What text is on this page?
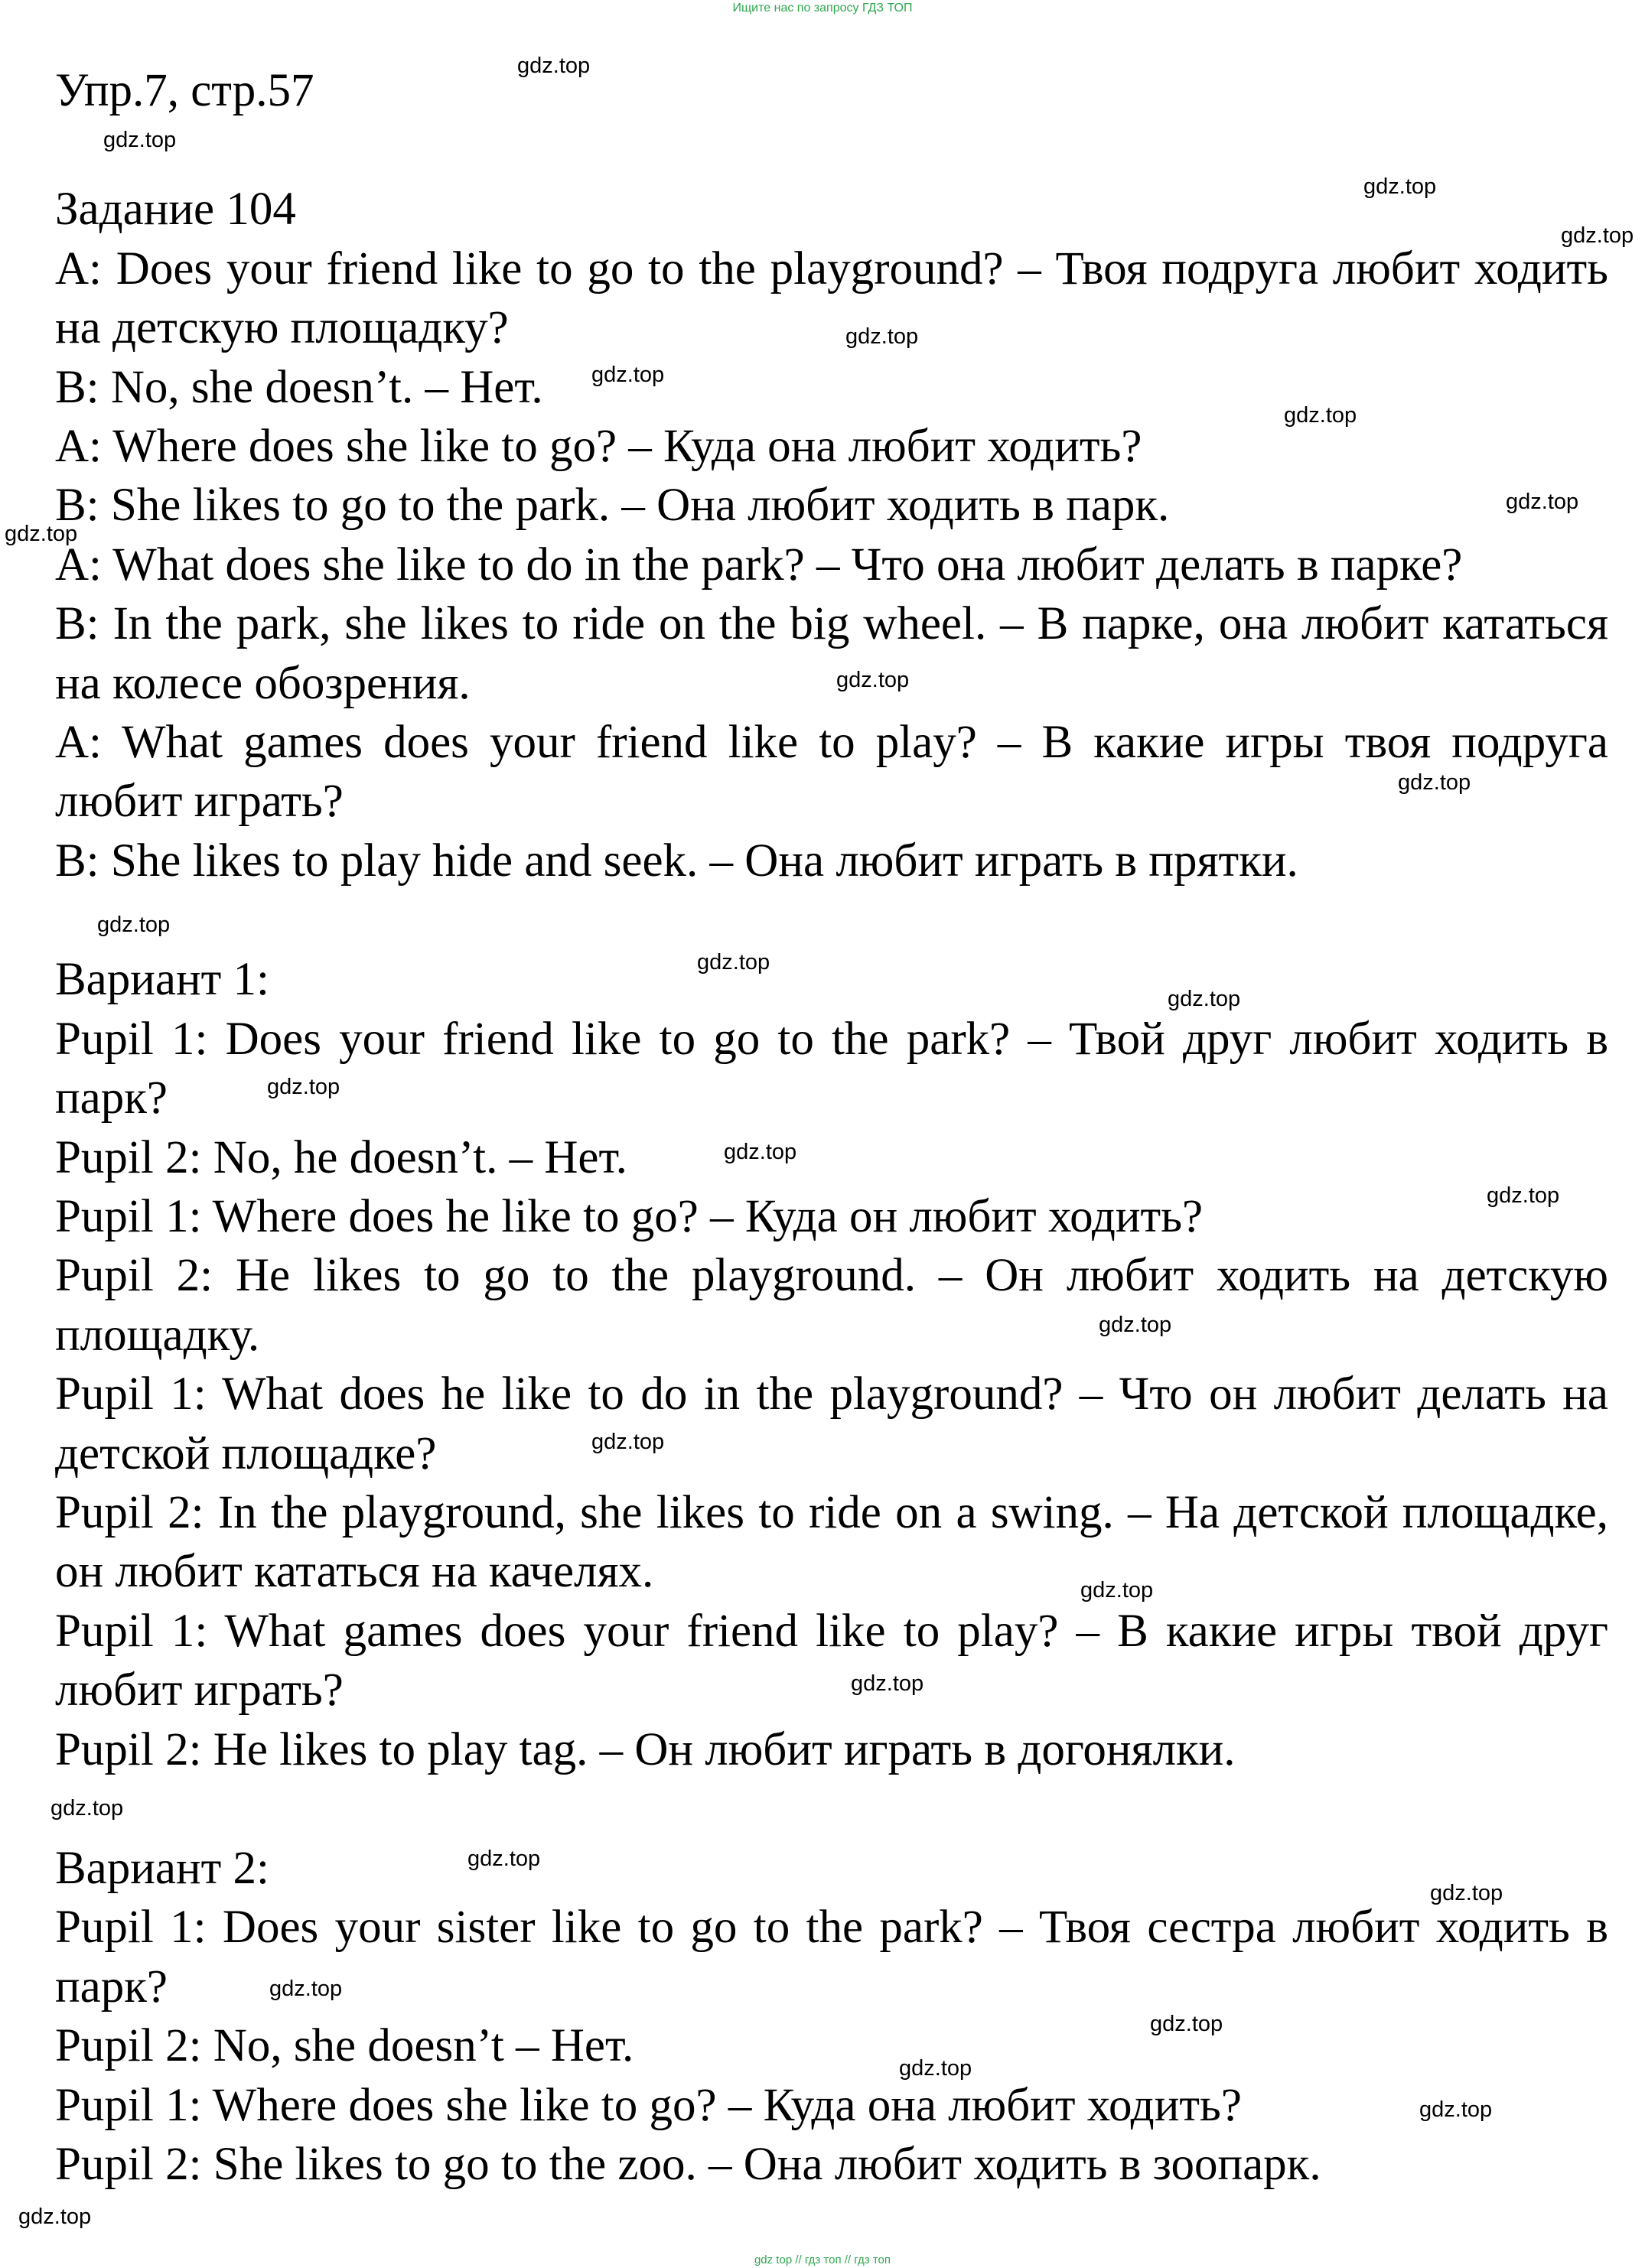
Ищите нас по запросу ГДЗ ТОП

Упр.7, стр.57

Задание 104

A: Does your friend like to go to the playground? – Твоя подруга любит ходить на детскую площадку?

B: No, she doesn’t. – Нет.

A: Where does she like to go? – Куда она любит ходить?

B: She likes to go to the park. – Она любит ходить в парк.

A: What does she like to do in the park? – Что она любит делать в парке?

B: In the park, she likes to ride on the big wheel. – В парке, она любит кататься на колесе обозрения.

A: What games does your friend like to play? – В какие игры твоя подруга любит играть?

B: She likes to play hide and seek. – Она любит играть в прятки.

Вариант 1:

Pupil 1: Does your friend like to go to the park? – Твой друг любит ходить в парк?

Pupil 2: No, he doesn’t. – Нет.

Pupil 1: Where does he like to go? – Куда он любит ходить?

Pupil 2: He likes to go to the playground. – Он любит ходить на детскую площадку.

Pupil 1: What does he like to do in the playground? – Что он любит делать на детской площадке?

Pupil 2: In the playground, she likes to ride on a swing. – На детской площадке, он любит кататься на качелях.

Pupil 1: What games does your friend like to play? – В какие игры твой друг любит играть?

Pupil 2: He likes to play tag. – Он любит играть в догонялки.

Вариант 2:

Pupil 1: Does your sister like to go to the park? – Твоя сестра любит ходить в парк?

Pupil 2: No, she doesn’t – Нет.

Pupil 1: Where does she like to go? – Куда она любит ходить?

Pupil 2: She likes to go to the zoo. – Она любит ходить в зоопарк.

gdz.top
gdz.top
gdz.top
gdz.top
gdz.top
gdz.top
gdz.top
gdz.top
gdz.top
gdz.top
gdz.top
gdz.top
gdz.top
gdz.top
gdz.top
gdz.top
gdz.top
gdz.top
gdz.top
gdz.top
gdz.top
gdz.top
gdz.top
gdz.top
gdz.top
gdz.top
gdz.top
gdz.top
gdz.top
gdz top // гдз топ // гдз топ
